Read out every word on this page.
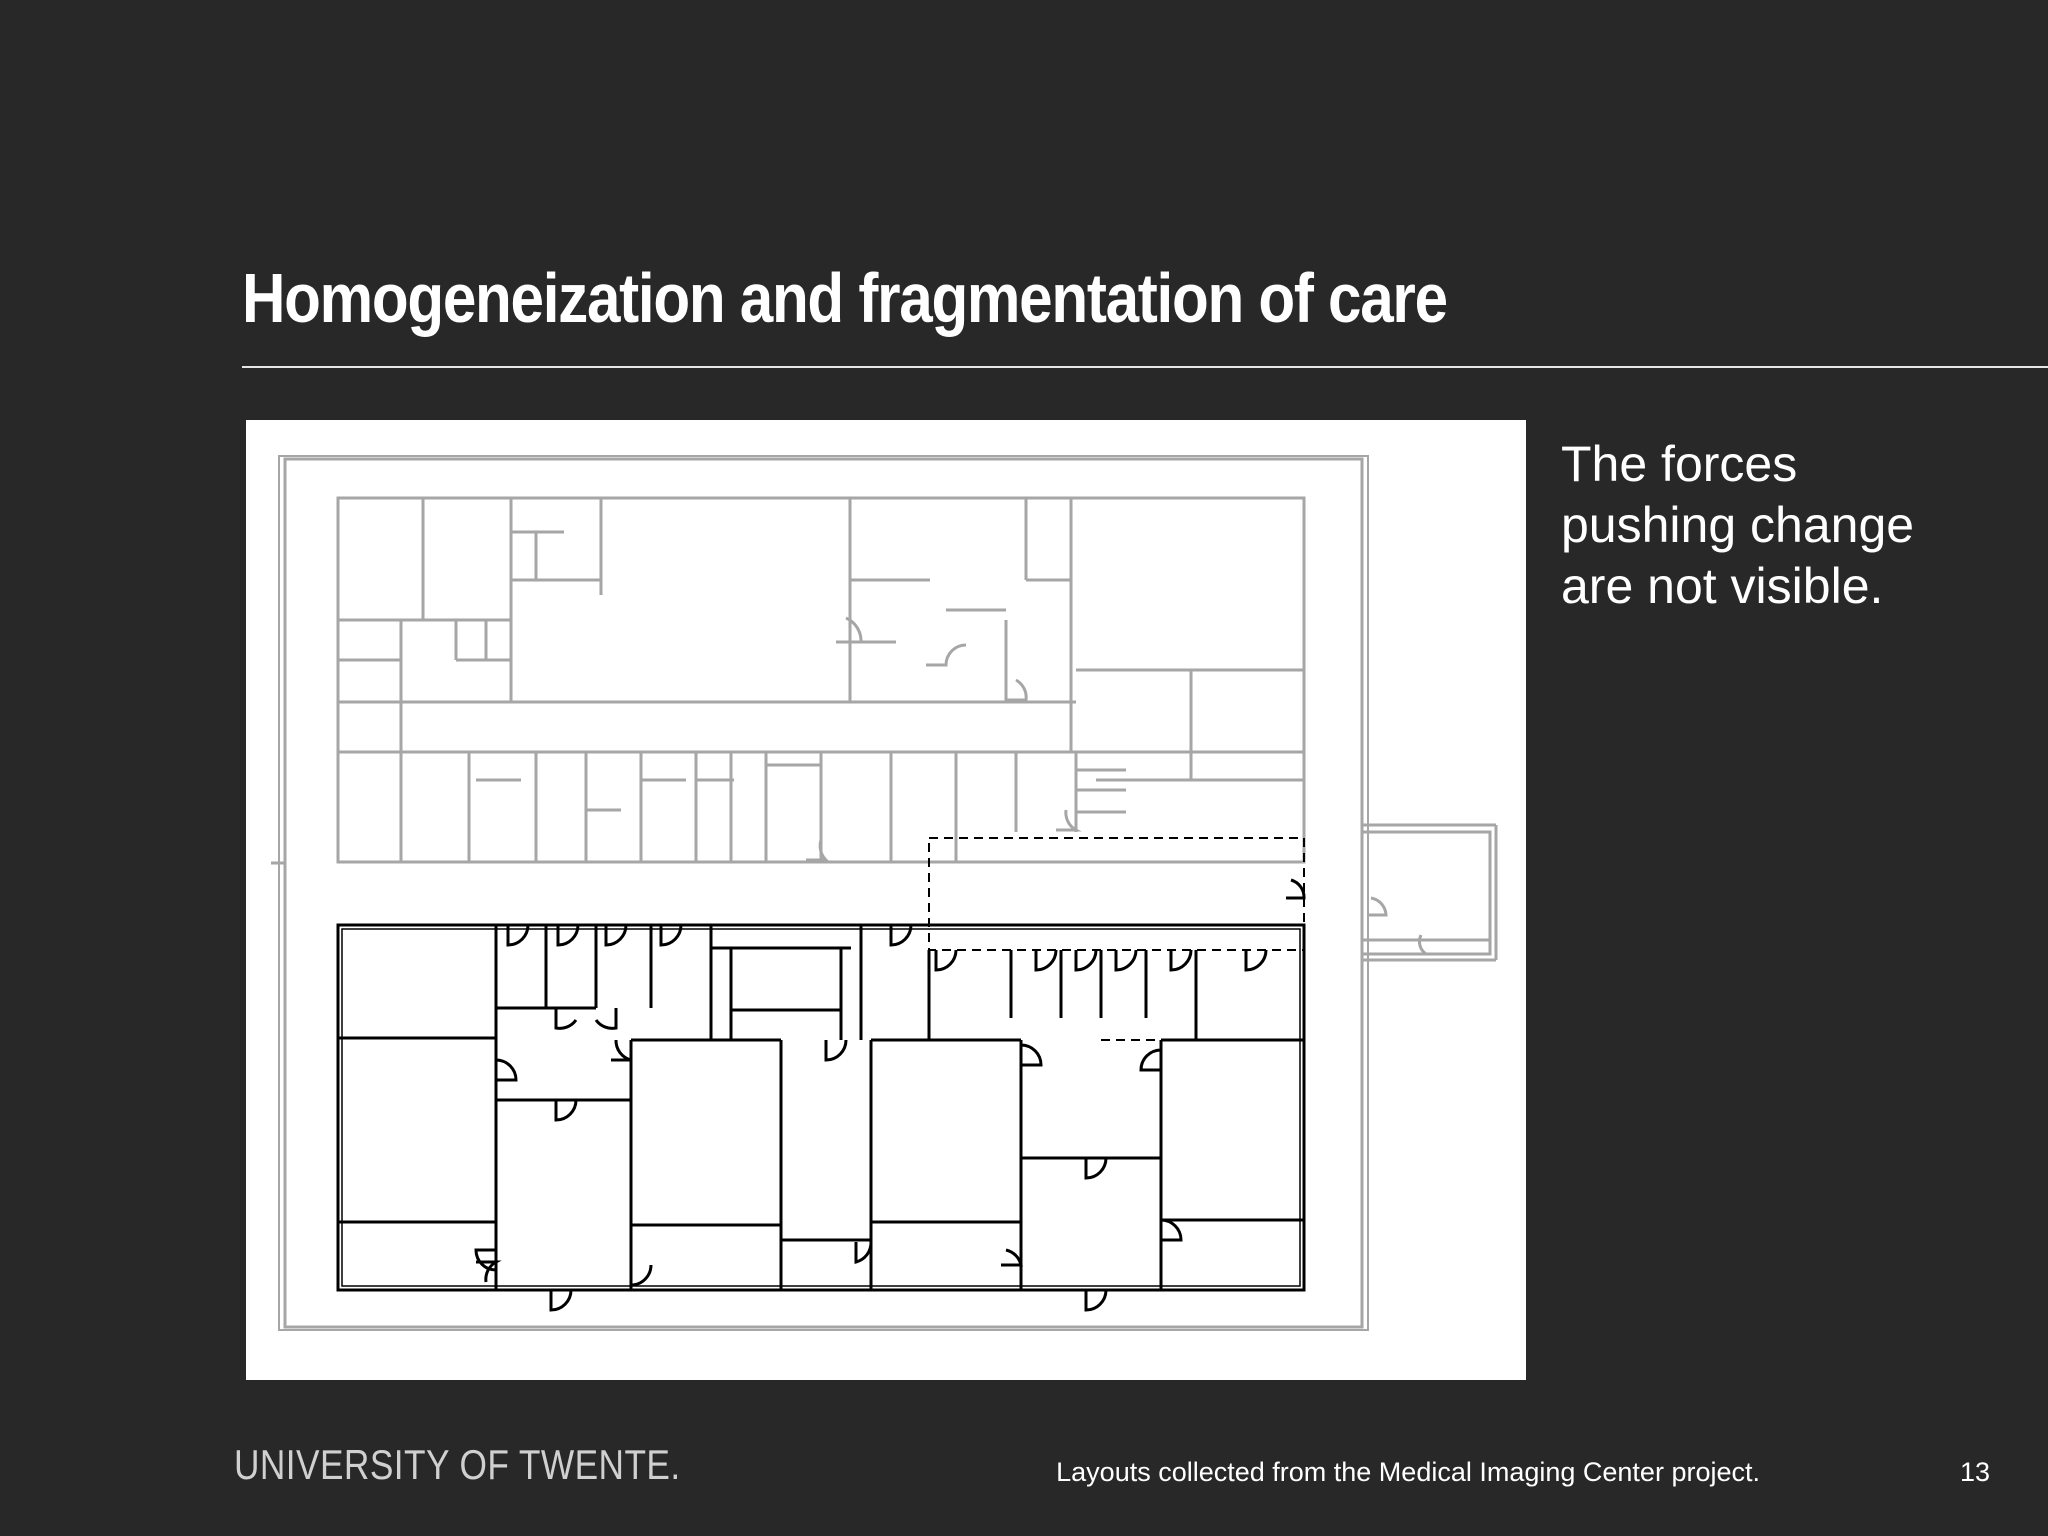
Homogeneization and fragmentation of care

The forces
pushing change
are not visible.

UNIVERSITY OF TWENTE.	Layouts collected from the Medical Imaging Center project.	13
